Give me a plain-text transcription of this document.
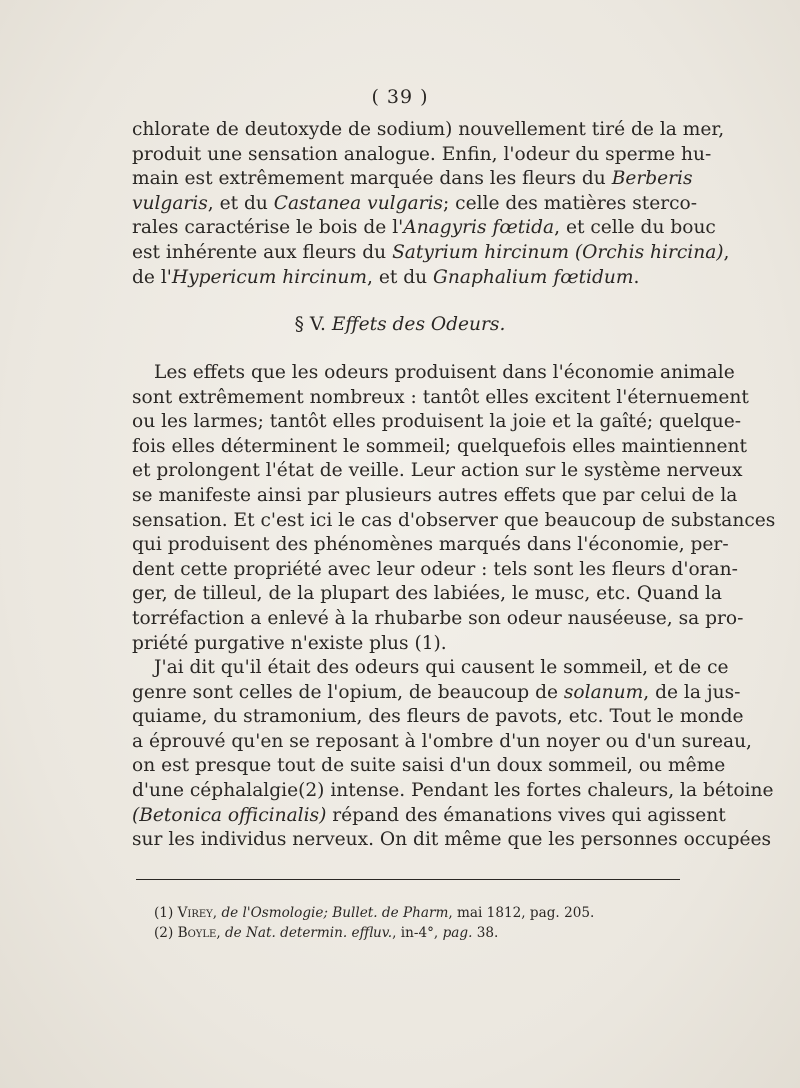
( 39 )
chlorate de deutoxyde de sodium) nouvellement tiré de la mer,
produit une sensation analogue. Enfin, l'odeur du sperme hu-
main est extrêmement marquée dans les fleurs du Berberis
vulgaris, et du Castanea vulgaris; celle des matières sterco-
rales caractérise le bois de l'Anagyris fœtida, et celle du bouc
est inhérente aux fleurs du Satyrium hircinum (Orchis hircina),
de l'Hypericum hircinum, et du Gnaphalium fœtidum.
§ V. Effets des Odeurs.
Les effets que les odeurs produisent dans l'économie animale
sont extrêmement nombreux : tantôt elles excitent l'éternuement
ou les larmes; tantôt elles produisent la joie et la gaîté; quelque-
fois elles déterminent le sommeil; quelquefois elles maintiennent
et prolongent l'état de veille. Leur action sur le système nerveux
se manifeste ainsi par plusieurs autres effets que par celui de la
sensation. Et c'est ici le cas d'observer que beaucoup de substances
qui produisent des phénomènes marqués dans l'économie, per-
dent cette propriété avec leur odeur : tels sont les fleurs d'oran-
ger, de tilleul, de la plupart des labiées, le musc, etc. Quand la
torréfaction a enlevé à la rhubarbe son odeur nauséeuse, sa pro-
priété purgative n'existe plus (1).
J'ai dit qu'il était des odeurs qui causent le sommeil, et de ce
genre sont celles de l'opium, de beaucoup de solanum, de la jus-
quiame, du stramonium, des fleurs de pavots, etc. Tout le monde
a éprouvé qu'en se reposant à l'ombre d'un noyer ou d'un sureau,
on est presque tout de suite saisi d'un doux sommeil, ou même
d'une céphalalgie(2) intense. Pendant les fortes chaleurs, la bétoine
(Betonica officinalis) répand des émanations vives qui agissent
sur les individus nerveux. On dit même que les personnes occupées
(1) Virey, de l'Osmologie; Bullet. de Pharm, mai 1812, pag. 205.
(2) Boyle, de Nat. determin. effluv., in-4°, pag. 38.
